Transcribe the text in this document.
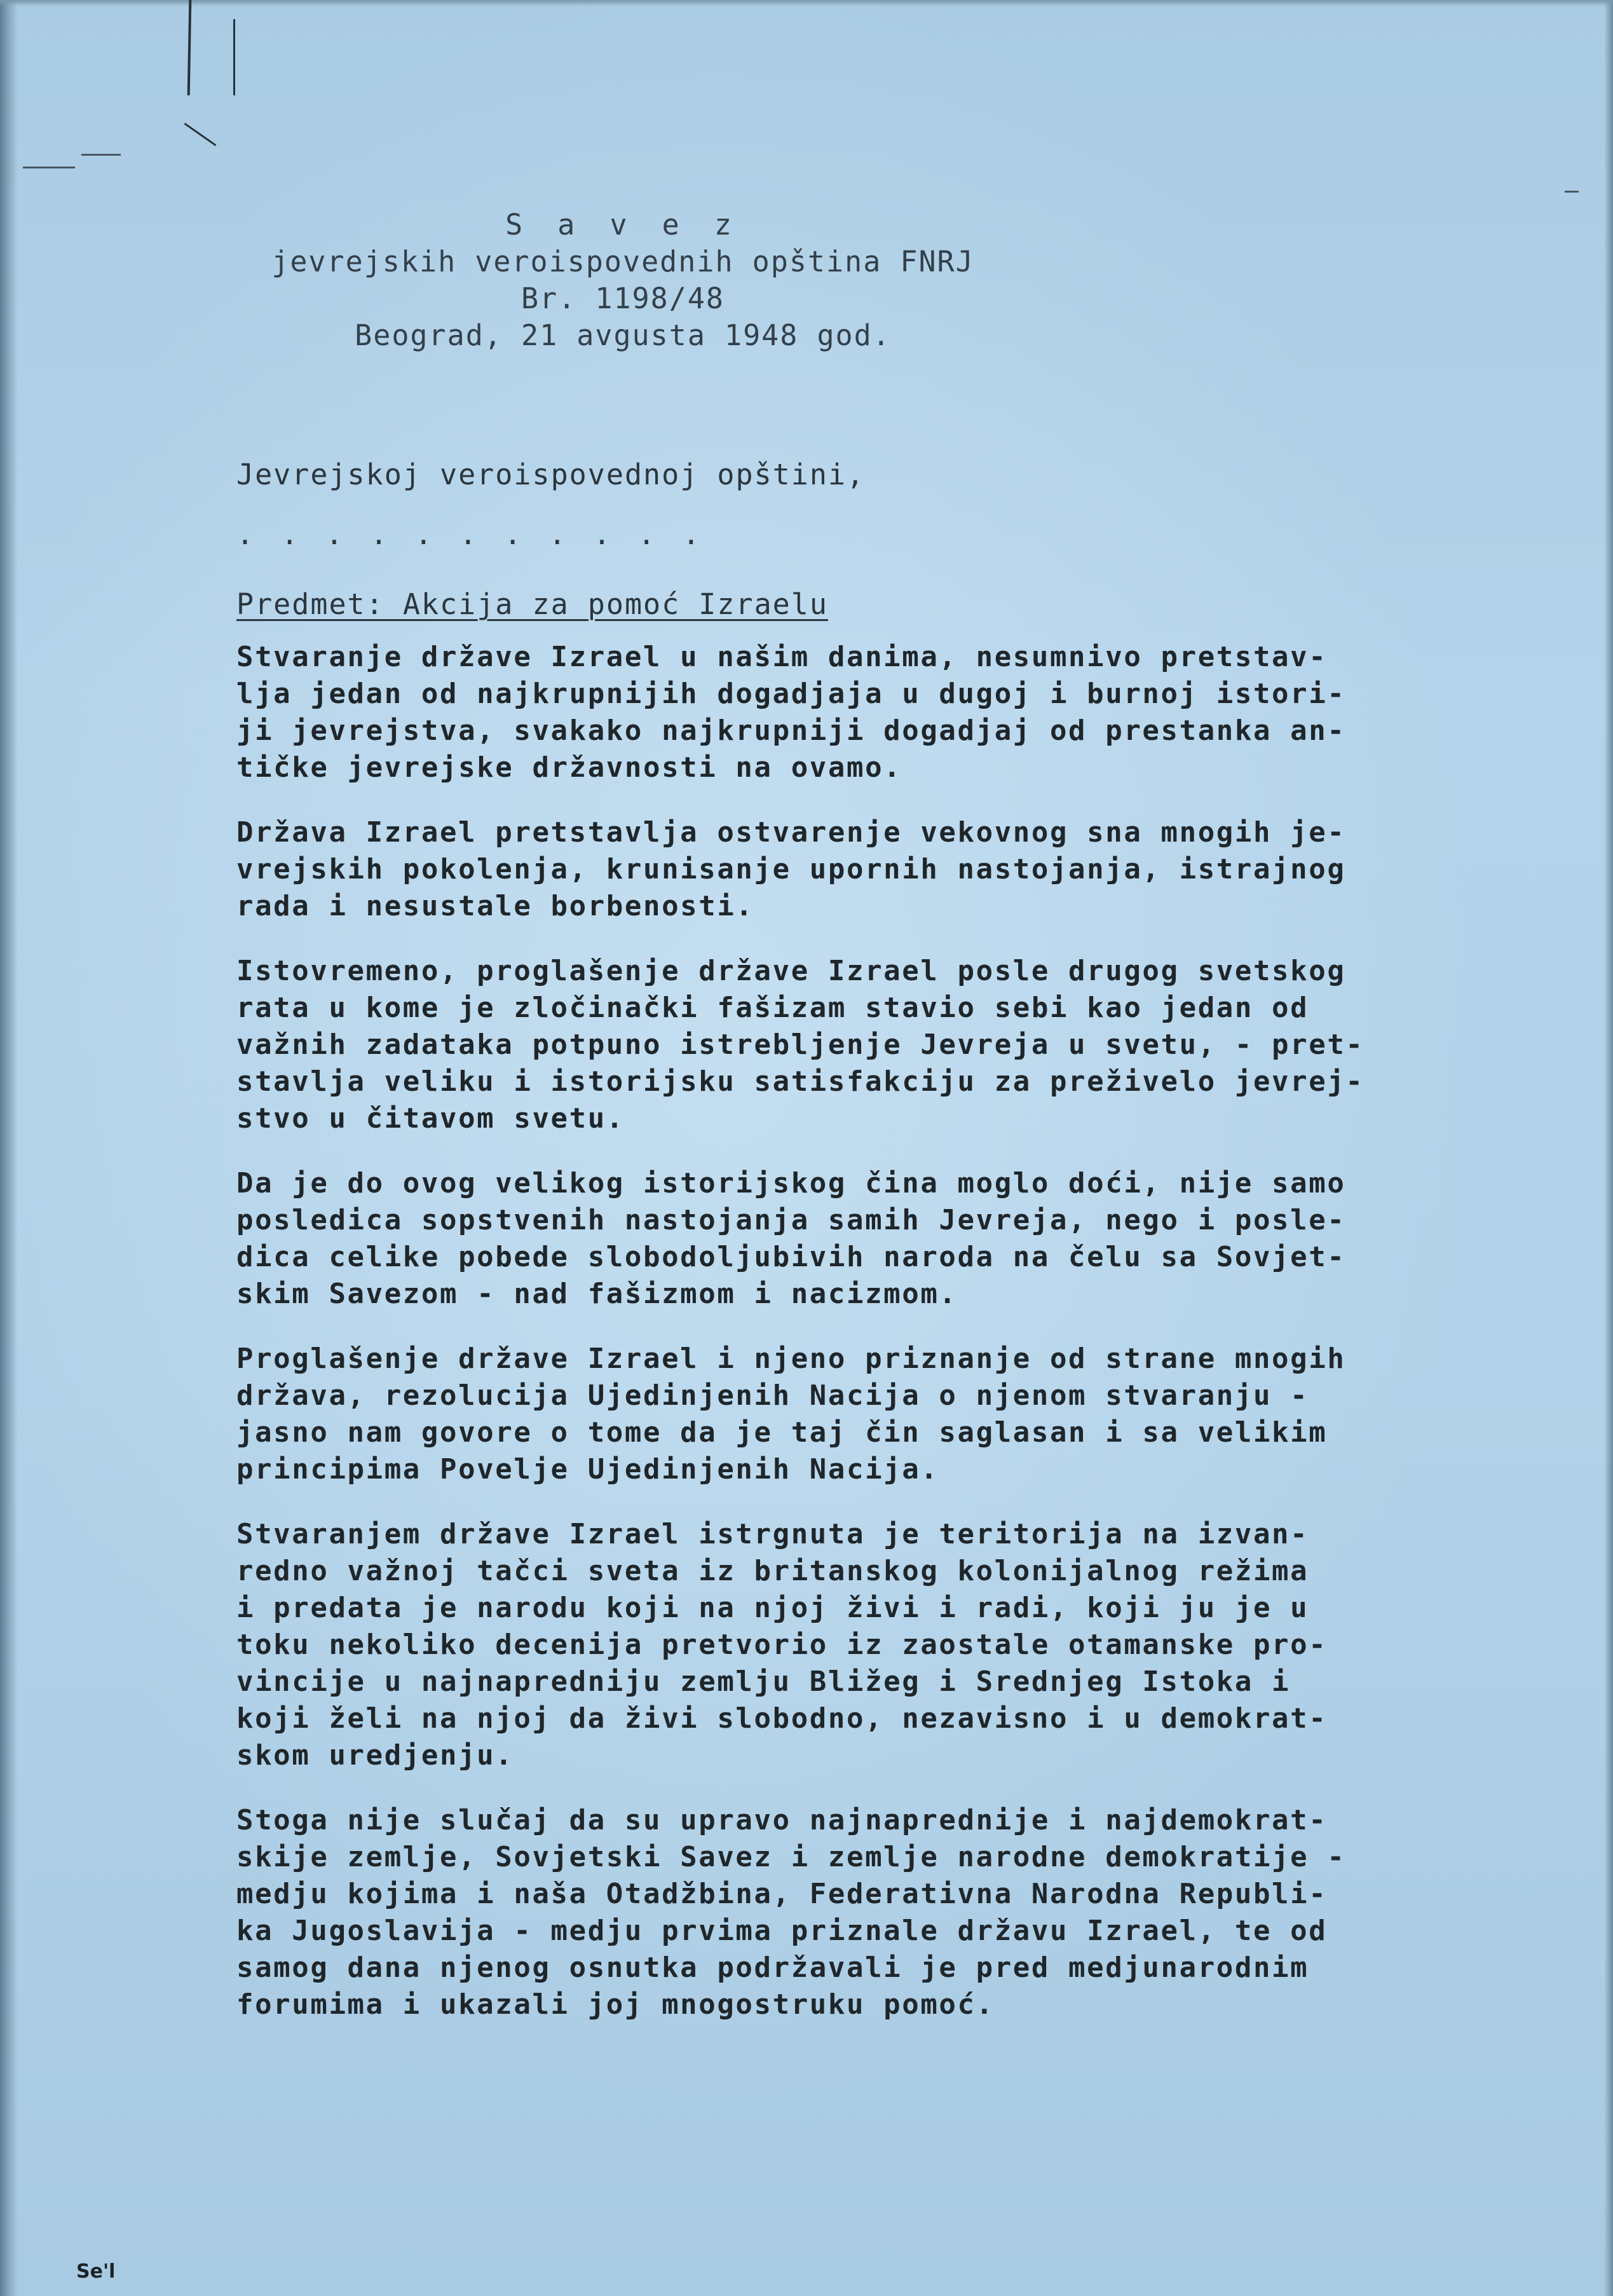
S a v e z
jevrejskih veroispovednih opština FNRJ
Br. 1198/48
Beograd, 21 avgusta 1948 god.
Jevrejskoj veroispovednoj opštini,
. . . . . . . . . . .
Predmet: Akcija za pomoć Izraelu
Stvaranje države Izrael u našim danima, nesumnivo pretstav-
lja jedan od najkrupnijih dogadjaja u dugoj i burnoj istori-
ji jevrejstva, svakako najkrupniji dogadjaj od prestanka an-
tičke jevrejske državnosti na ovamo.
Država Izrael pretstavlja ostvarenje vekovnog sna mnogih je-
vrejskih pokolenja, krunisanje upornih nastojanja, istrajnog
rada i nesustale borbenosti.
Istovremeno, proglašenje države Izrael posle drugog svetskog
rata u kome je zločinački fašizam stavio sebi kao jedan od
važnih zadataka potpuno istrebljenje Jevreja u svetu, - pret-
stavlja veliku i istorijsku satisfakciju za preživelo jevrej-
stvo u čitavom svetu.
Da je do ovog velikog istorijskog čina moglo doći, nije samo
posledica sopstvenih nastojanja samih Jevreja, nego i posle-
dica celike pobede slobodoljubivih naroda na čelu sa Sovjet-
skim Savezom - nad fašizmom i nacizmom.
Proglašenje države Izrael i njeno priznanje od strane mnogih
država, rezolucija Ujedinjenih Nacija o njenom stvaranju -
jasno nam govore o tome da je taj čin saglasan i sa velikim
principima Povelje Ujedinjenih Nacija.
Stvaranjem države Izrael istrgnuta je teritorija na izvan-
redno važnoj tačci sveta iz britanskog kolonijalnog režima
i predata je narodu koji na njoj živi i radi, koji ju je u
toku nekoliko decenija pretvorio iz zaostale otamanske pro-
vincije u najnapredniju zemlju Bližeg i Srednjeg Istoka i
koji želi na njoj da živi slobodno, nezavisno i u demokrat-
skom uredjenju.
Stoga nije slučaj da su upravo najnaprednije i najdemokrat-
skije zemlje, Sovjetski Savez i zemlje narodne demokratije -
medju kojima i naša Otadžbina, Federativna Narodna Republi-
ka Jugoslavija - medju prvima priznale državu Izrael, te od
samog dana njenog osnutka podržavali je pred medjunarodnim
forumima i ukazali joj mnogostruku pomoć.
Se'l
